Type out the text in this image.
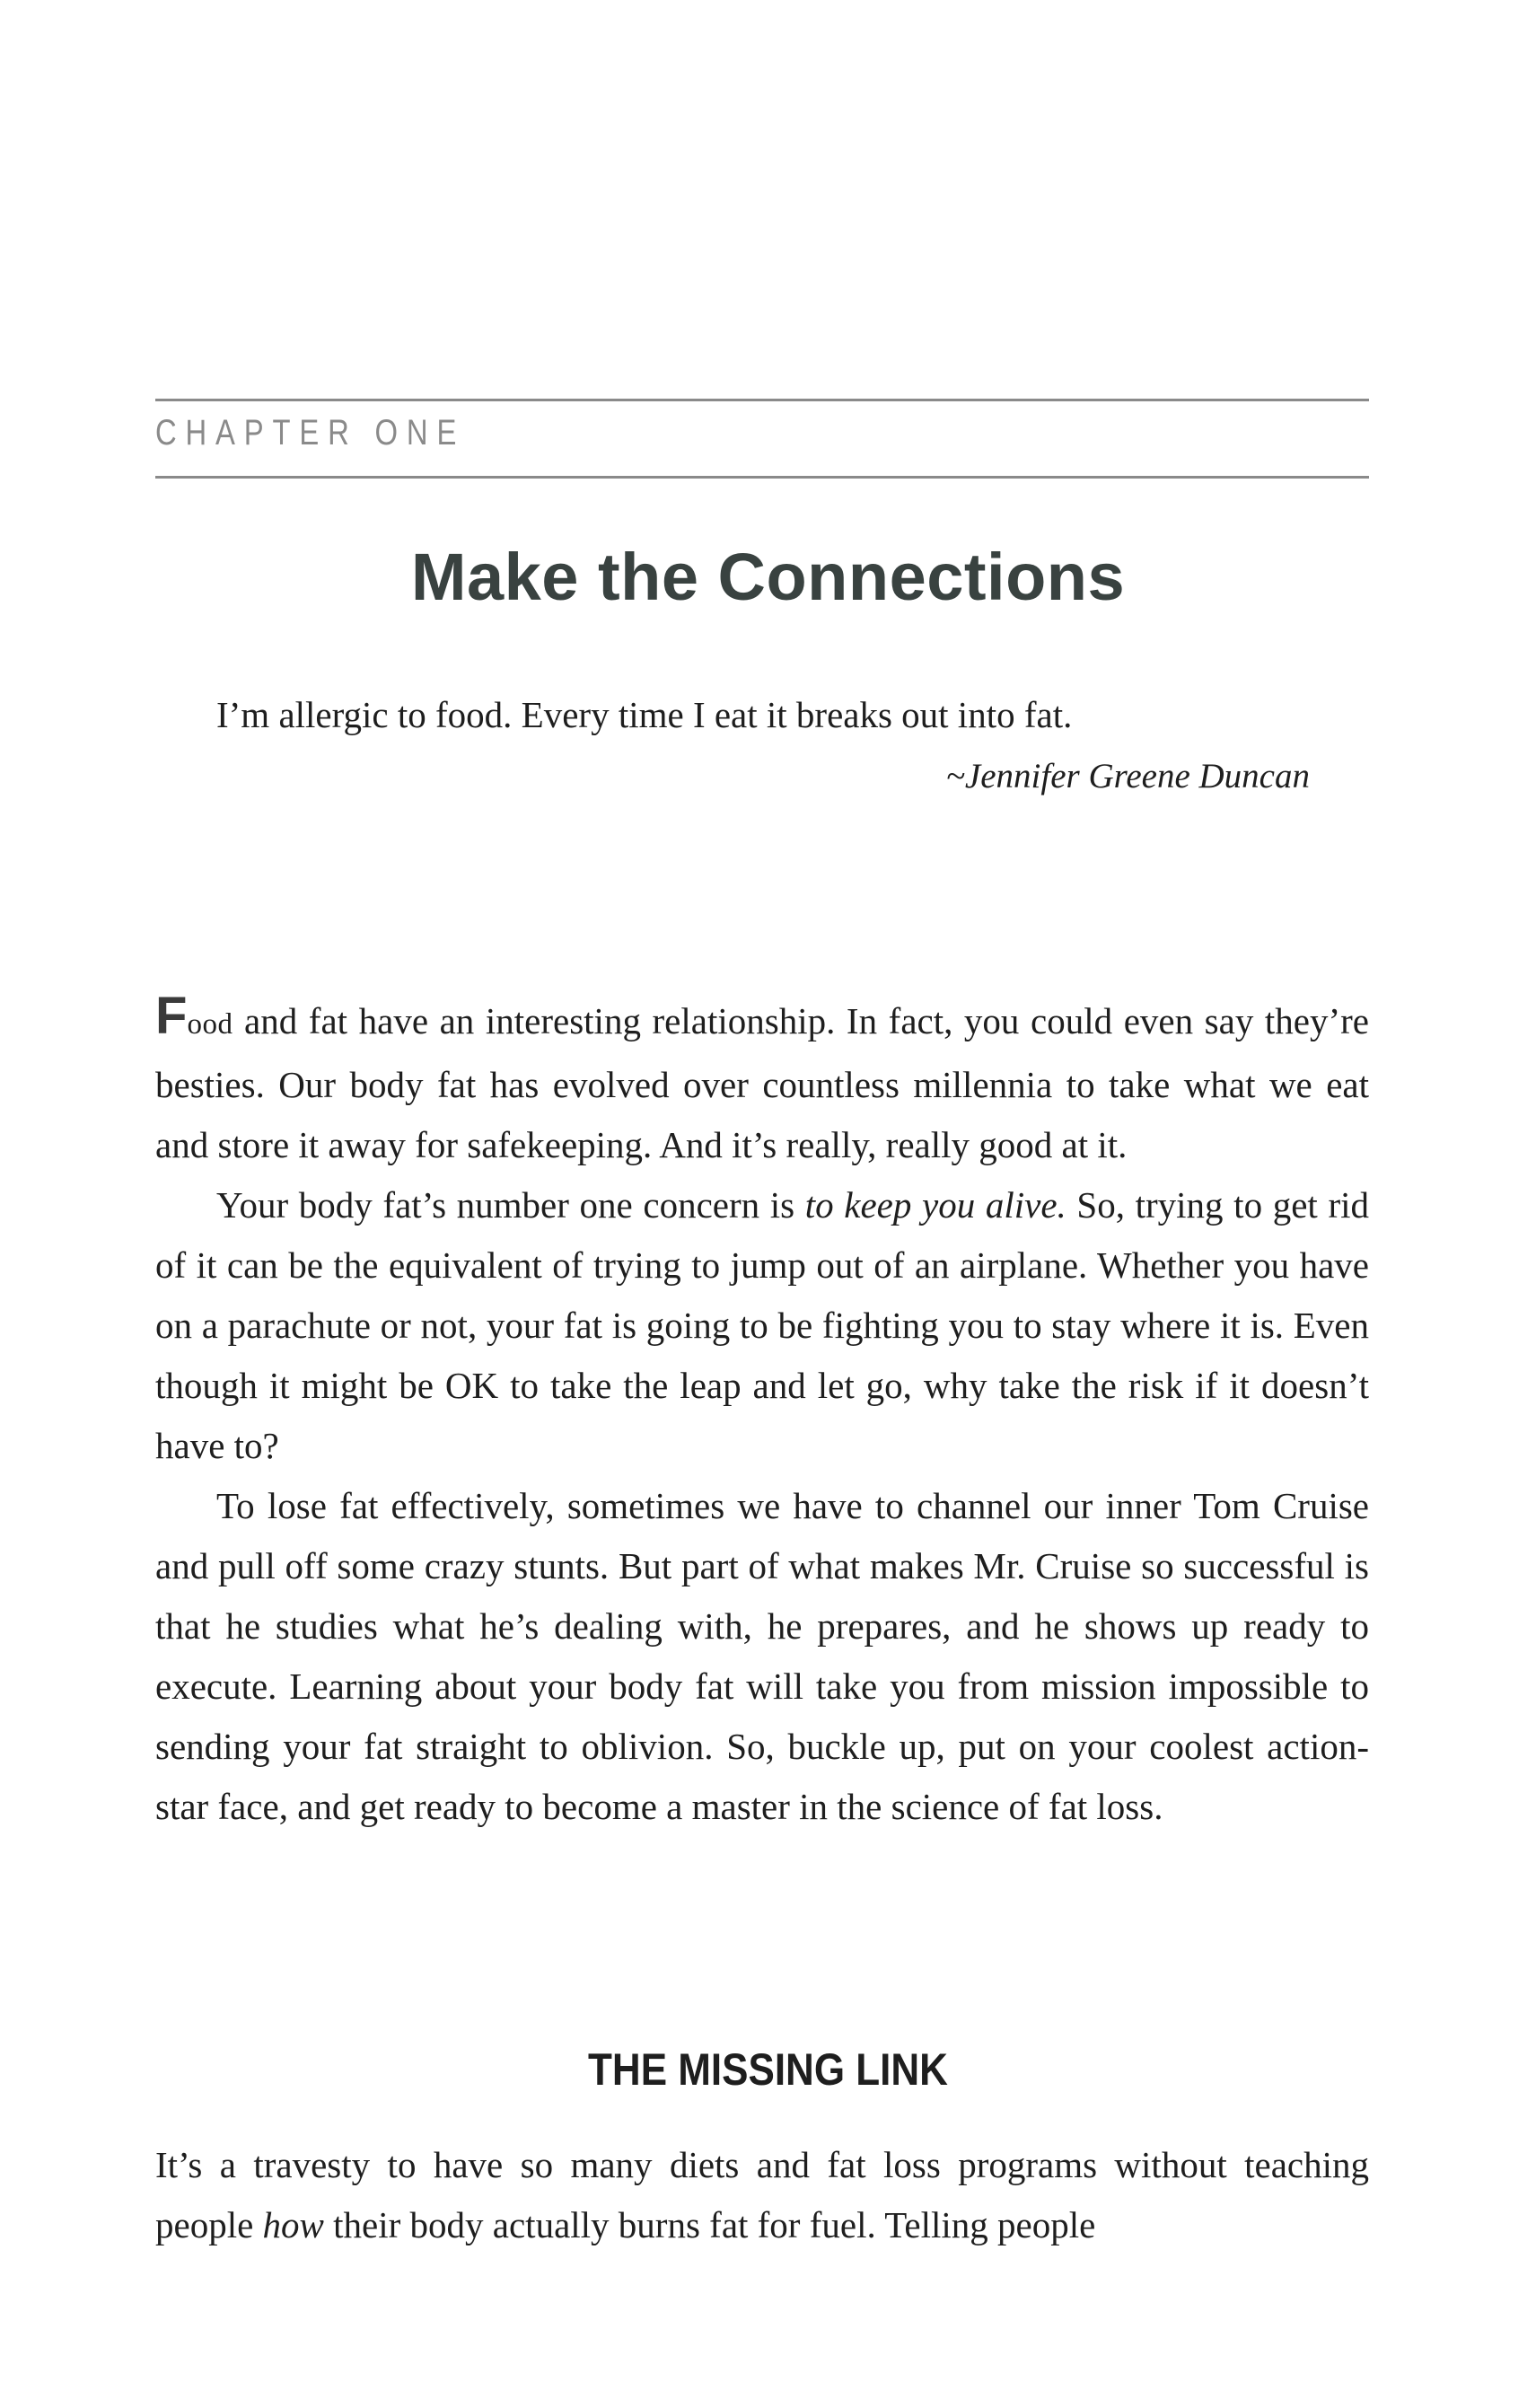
CHAPTER ONE
Make the Connections
I’m allergic to food. Every time I eat it breaks out into fat.
~Jennifer Greene Duncan

Food and fat have an interesting relationship. In fact, you could even say they’re besties. Our body fat has evolved over countless millennia to take what we eat and store it away for safekeeping. And it’s really, really good at it.

Your body fat’s number one concern is to keep you alive. So, trying to get rid of it can be the equivalent of trying to jump out of an airplane. Whether you have on a parachute or not, your fat is going to be fighting you to stay where it is. Even though it might be OK to take the leap and let go, why take the risk if it doesn’t have to?

To lose fat effectively, sometimes we have to channel our inner Tom Cruise and pull off some crazy stunts. But part of what makes Mr. Cruise so successful is that he studies what he’s dealing with, he prepares, and he shows up ready to execute. Learning about your body fat will take you from mission impossible to sending your fat straight to oblivion. So, buckle up, put on your coolest action-star face, and get ready to become a master in the science of fat loss.

THE MISSING LINK

It’s a travesty to have so many diets and fat loss programs without teaching people how their body actually burns fat for fuel. Telling people
